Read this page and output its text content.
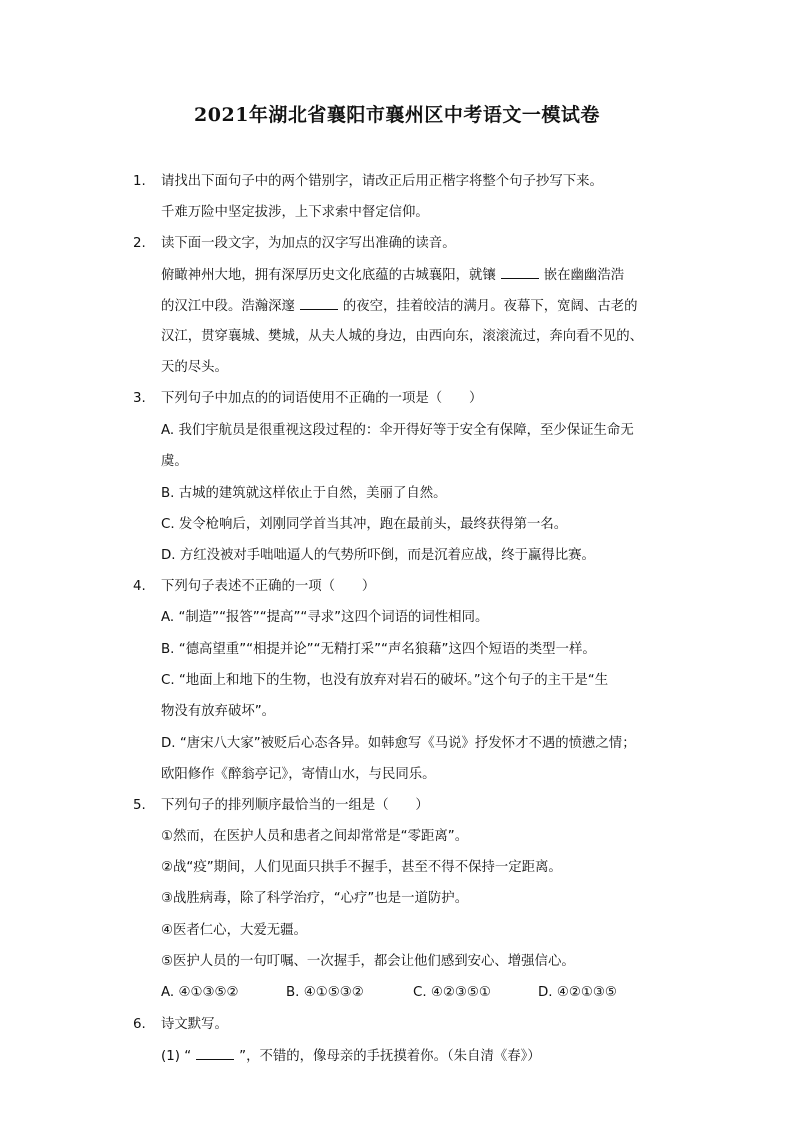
2021年湖北省襄阳市襄州区中考语文一模试卷
1. 请找出下面句子中的两个错别字，请改正后用正楷字将整个句子抄写下来。
千难万险中坚定拔涉，上下求索中督定信仰。
2. 读下面一段文字，为加点的汉字写出准确的读音。
俯瞰神州大地，拥有深厚历史文化底蕴的古城襄阳，就镶	嵌在幽幽浩浩
的汉江中段。浩瀚深邃	的夜空，挂着皎洁的满月。夜幕下，宽阔、古老的
汉江，贯穿襄城、樊城，从夫人城的身边，由西向东，滚滚流过，奔向看不见的、
天的尽头。
3. 下列句子中加点的的词语使用不正确的一项是（　　）
A. 我们宇航员是很重视这段过程的：伞开得好等于安全有保障，至少保证生命无
虞。
B. 古城的建筑就这样依止于自然，美丽了自然。
C. 发令枪响后，刘刚同学首当其冲，跑在最前头，最终获得第一名。
D. 方红没被对手咄咄逼人的气势所吓倒，而是沉着应战，终于赢得比赛。
4. 下列句子表述不正确的一项（　　）
A. “制造”“报答”“提高”“寻求”这四个词语的词性相同。
B. “德高望重”“相提并论”“无精打采”“声名狼藉”这四个短语的类型一样。
C. “地面上和地下的生物，也没有放弃对岩石的破坏。”这个句子的主干是“生
物没有放弃破坏”。
D. “唐宋八大家”被贬后心态各异。如韩愈写《马说》抒发怀才不遇的愤懑之情；
欧阳修作《醉翁亭记》，寄情山水，与民同乐。
5. 下列句子的排列顺序最恰当的一组是（　　）
①然而，在医护人员和患者之间却常常是“零距离”。
②战“疫”期间，人们见面只拱手不握手，甚至不得不保持一定距离。
③战胜病毒，除了科学治疗，“心疗”也是一道防护。
④医者仁心，大爱无疆。
⑤医护人员的一句叮嘱、一次握手，都会让他们感到安心、增强信心。
A. ④①③⑤②	B. ④①⑤③②	C. ④②③⑤①	D. ④②①③⑤
6. 诗文默写。
(1) “	”，不错的，像母亲的手抚摸着你。（朱自清《春》）
